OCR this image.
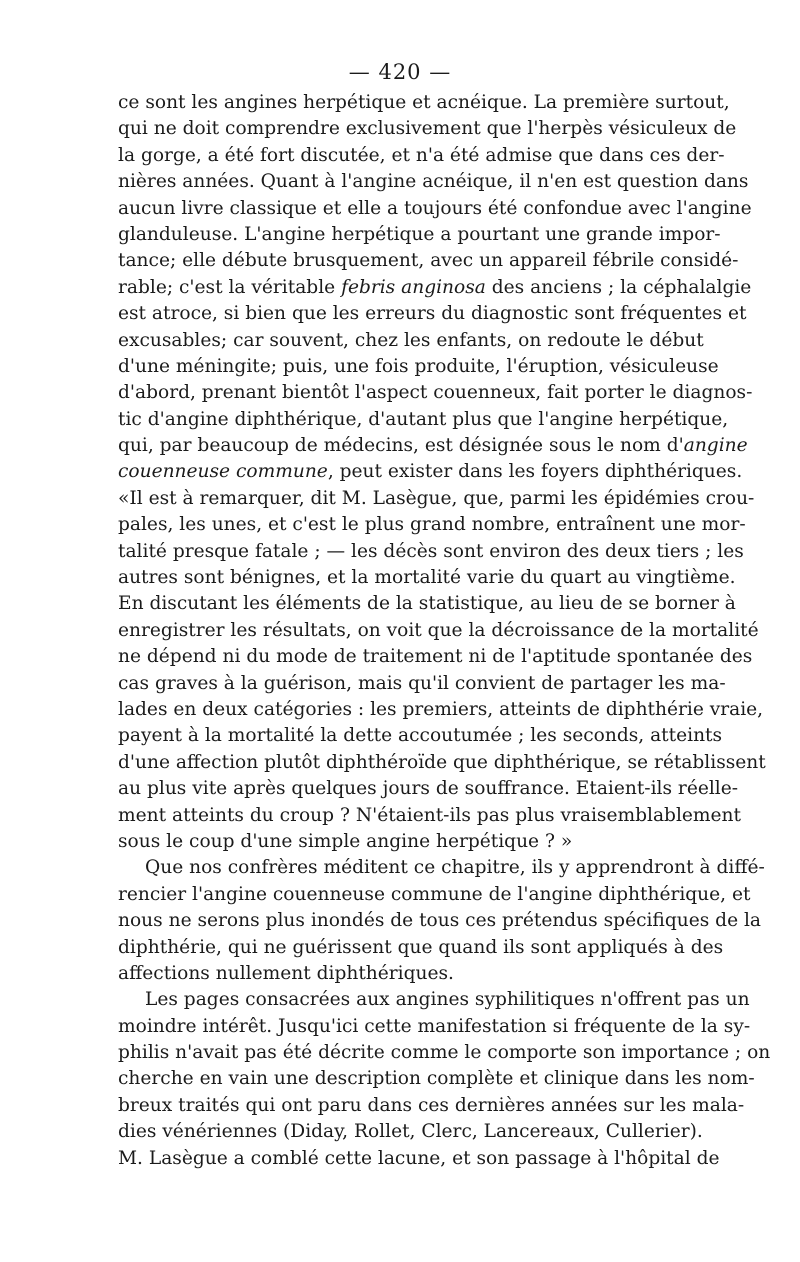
— 420 —
ce sont les angines herpétique et acnéique. La première surtout,
qui ne doit comprendre exclusivement que l'herpès vésiculeux de
la gorge, a été fort discutée, et n'a été admise que dans ces der-
nières années. Quant à l'angine acnéique, il n'en est question dans
aucun livre classique et elle a toujours été confondue avec l'angine
glanduleuse. L'angine herpétique a pourtant une grande impor-
tance; elle débute brusquement, avec un appareil fébrile considé-
rable; c'est la véritable febris anginosa des anciens ; la céphalalgie
est atroce, si bien que les erreurs du diagnostic sont fréquentes et
excusables; car souvent, chez les enfants, on redoute le début
d'une méningite; puis, une fois produite, l'éruption, vésiculeuse
d'abord, prenant bientôt l'aspect couenneux, fait porter le diagnos-
tic d'angine diphthérique, d'autant plus que l'angine herpétique,
qui, par beaucoup de médecins, est désignée sous le nom d'angine
couenneuse commune, peut exister dans les foyers diphthériques.
«Il est à remarquer, dit M. Lasègue, que, parmi les épidémies crou-
pales, les unes, et c'est le plus grand nombre, entraînent une mor-
talité presque fatale ; — les décès sont environ des deux tiers ; les
autres sont bénignes, et la mortalité varie du quart au vingtième.
En discutant les éléments de la statistique, au lieu de se borner à
enregistrer les résultats, on voit que la décroissance de la mortalité
ne dépend ni du mode de traitement ni de l'aptitude spontanée des
cas graves à la guérison, mais qu'il convient de partager les ma-
lades en deux catégories : les premiers, atteints de diphthérie vraie,
payent à la mortalité la dette accoutumée ; les seconds, atteints
d'une affection plutôt diphthéroïde que diphthérique, se rétablissent
au plus vite après quelques jours de souffrance. Etaient-ils réelle-
ment atteints du croup ? N'étaient-ils pas plus vraisemblablement
sous le coup d'une simple angine herpétique ? »
Que nos confrères méditent ce chapitre, ils y apprendront à diffé-
rencier l'angine couenneuse commune de l'angine diphthérique, et
nous ne serons plus inondés de tous ces prétendus spécifiques de la
diphthérie, qui ne guérissent que quand ils sont appliqués à des
affections nullement diphthériques.
Les pages consacrées aux angines syphilitiques n'offrent pas un
moindre intérêt. Jusqu'ici cette manifestation si fréquente de la sy-
philis n'avait pas été décrite comme le comporte son importance ; on
cherche en vain une description complète et clinique dans les nom-
breux traités qui ont paru dans ces dernières années sur les mala-
dies vénériennes (Diday, Rollet, Clerc, Lancereaux, Cullerier).
M. Lasègue a comblé cette lacune, et son passage à l'hôpital de
